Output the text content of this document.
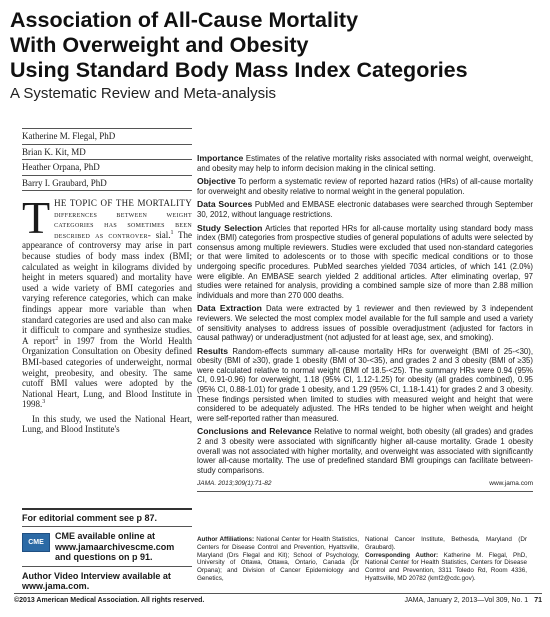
Association of All-Cause Mortality
With Overweight and Obesity
Using Standard Body Mass Index Categories
A Systematic Review and Meta-analysis
Katherine M. Flegal, PhD
Brian K. Kit, MD
Heather Orpana, PhD
Barry I. Graubard, PhD

THE TOPIC OF THE MORTALITY differences between weight categories has sometimes been described as controver- sial.$^1$ The appearance of controversy may arise in part because studies of body mass index (BMI; calculated as weight in kilograms divided by height in meters squared) and mortality have used a wide variety of BMI categories and varying reference categories, which can make findings appear more variable than when standard categories are used and also can make it difficult to compare and synthesize studies. A report$^2$ in 1997 from the World Health Organization Consultation on Obesity defined BMI-based categories of underweight, normal weight, preobesity, and obesity. The same cutoff BMI values were adopted by the National Heart, Lung, and Blood Institute in 1998.$^3$

In this study, we used the National Heart, Lung, and Blood Institute's

For editorial comment see p 87.
CME
CME available online at
www.jamaarchivescme.com
and questions on p 91.
Author Video Interview available at
www.jama.com.
Importance Estimates of the relative mortality risks associated with normal weight, overweight, and obesity may help to inform decision making in the clinical setting.
Objective To perform a systematic review of reported hazard ratios (HRs) of all-cause mortality for overweight and obesity relative to normal weight in the general population.
Data Sources PubMed and EMBASE electronic databases were searched through September 30, 2012, without language restrictions.
Study Selection Articles that reported HRs for all-cause mortality using standard body mass index (BMI) categories from prospective studies of general populations of adults were selected by consensus among multiple reviewers. Studies were excluded that used non-standard categories or that were limited to adolescents or to those with specific medical conditions or to those undergoing specific procedures. PubMed searches yielded 7034 articles, of which 141 (2.0%) were eligible. An EMBASE search yielded 2 additional articles. After eliminating overlap, 97 studies were retained for analysis, providing a combined sample size of more than 2.88 million individuals and more than 270 000 deaths.
Data Extraction Data were extracted by 1 reviewer and then reviewed by 3 independent reviewers. We selected the most complex model available for the full sample and used a variety of sensitivity analyses to address issues of possible overadjustment (adjusted for factors in causal pathway) or underadjustment (not adjusted for at least age, sex, and smoking).
Results Random-effects summary all-cause mortality HRs for overweight (BMI of 25-<30), obesity (BMI of ≥30), grade 1 obesity (BMI of 30-<35), and grades 2 and 3 obesity (BMI of ≥35) were calculated relative to normal weight (BMI of 18.5-<25). The summary HRs were 0.94 (95% CI, 0.91-0.96) for overweight, 1.18 (95% CI, 1.12-1.25) for obesity (all grades combined), 0.95 (95% CI, 0.88-1.01) for grade 1 obesity, and 1.29 (95% CI, 1.18-1.41) for grades 2 and 3 obesity. These findings persisted when limited to studies with measured weight and height that were considered to be adequately adjusted. The HRs tended to be higher when weight and height were self-reported rather than measured.
Conclusions and Relevance Relative to normal weight, both obesity (all grades) and grades 2 and 3 obesity were associated with significantly higher all-cause mortality. Grade 1 obesity overall was not associated with higher mortality, and overweight was associated with significantly lower all-cause mortality. The use of predefined standard BMI groupings can facilitate between-study comparisons.
JAMA. 2013;309(1):71-82	www.jama.com
Author Affiliations: National Center for Health Statistics, Centers for Disease Control and Prevention, Hyattsville, Maryland (Drs Flegal and Kit); School of Psychology, University of Ottawa, Ottawa, Ontario, Canada (Dr Orpana); and Division of Cancer Epidemiology and Genetics,
National Cancer Institute, Bethesda, Maryland (Dr Graubard).
Corresponding Author: Katherine M. Flegal, PhD, National Center for Health Statistics, Centers for Disease Control and Prevention, 3311 Toledo Rd, Room 4336, Hyattsville, MD 20782 (kmf2@cdc.gov).
©2013 American Medical Association. All rights reserved.	JAMA, January 2, 2013—Vol 309, No. 1 71
